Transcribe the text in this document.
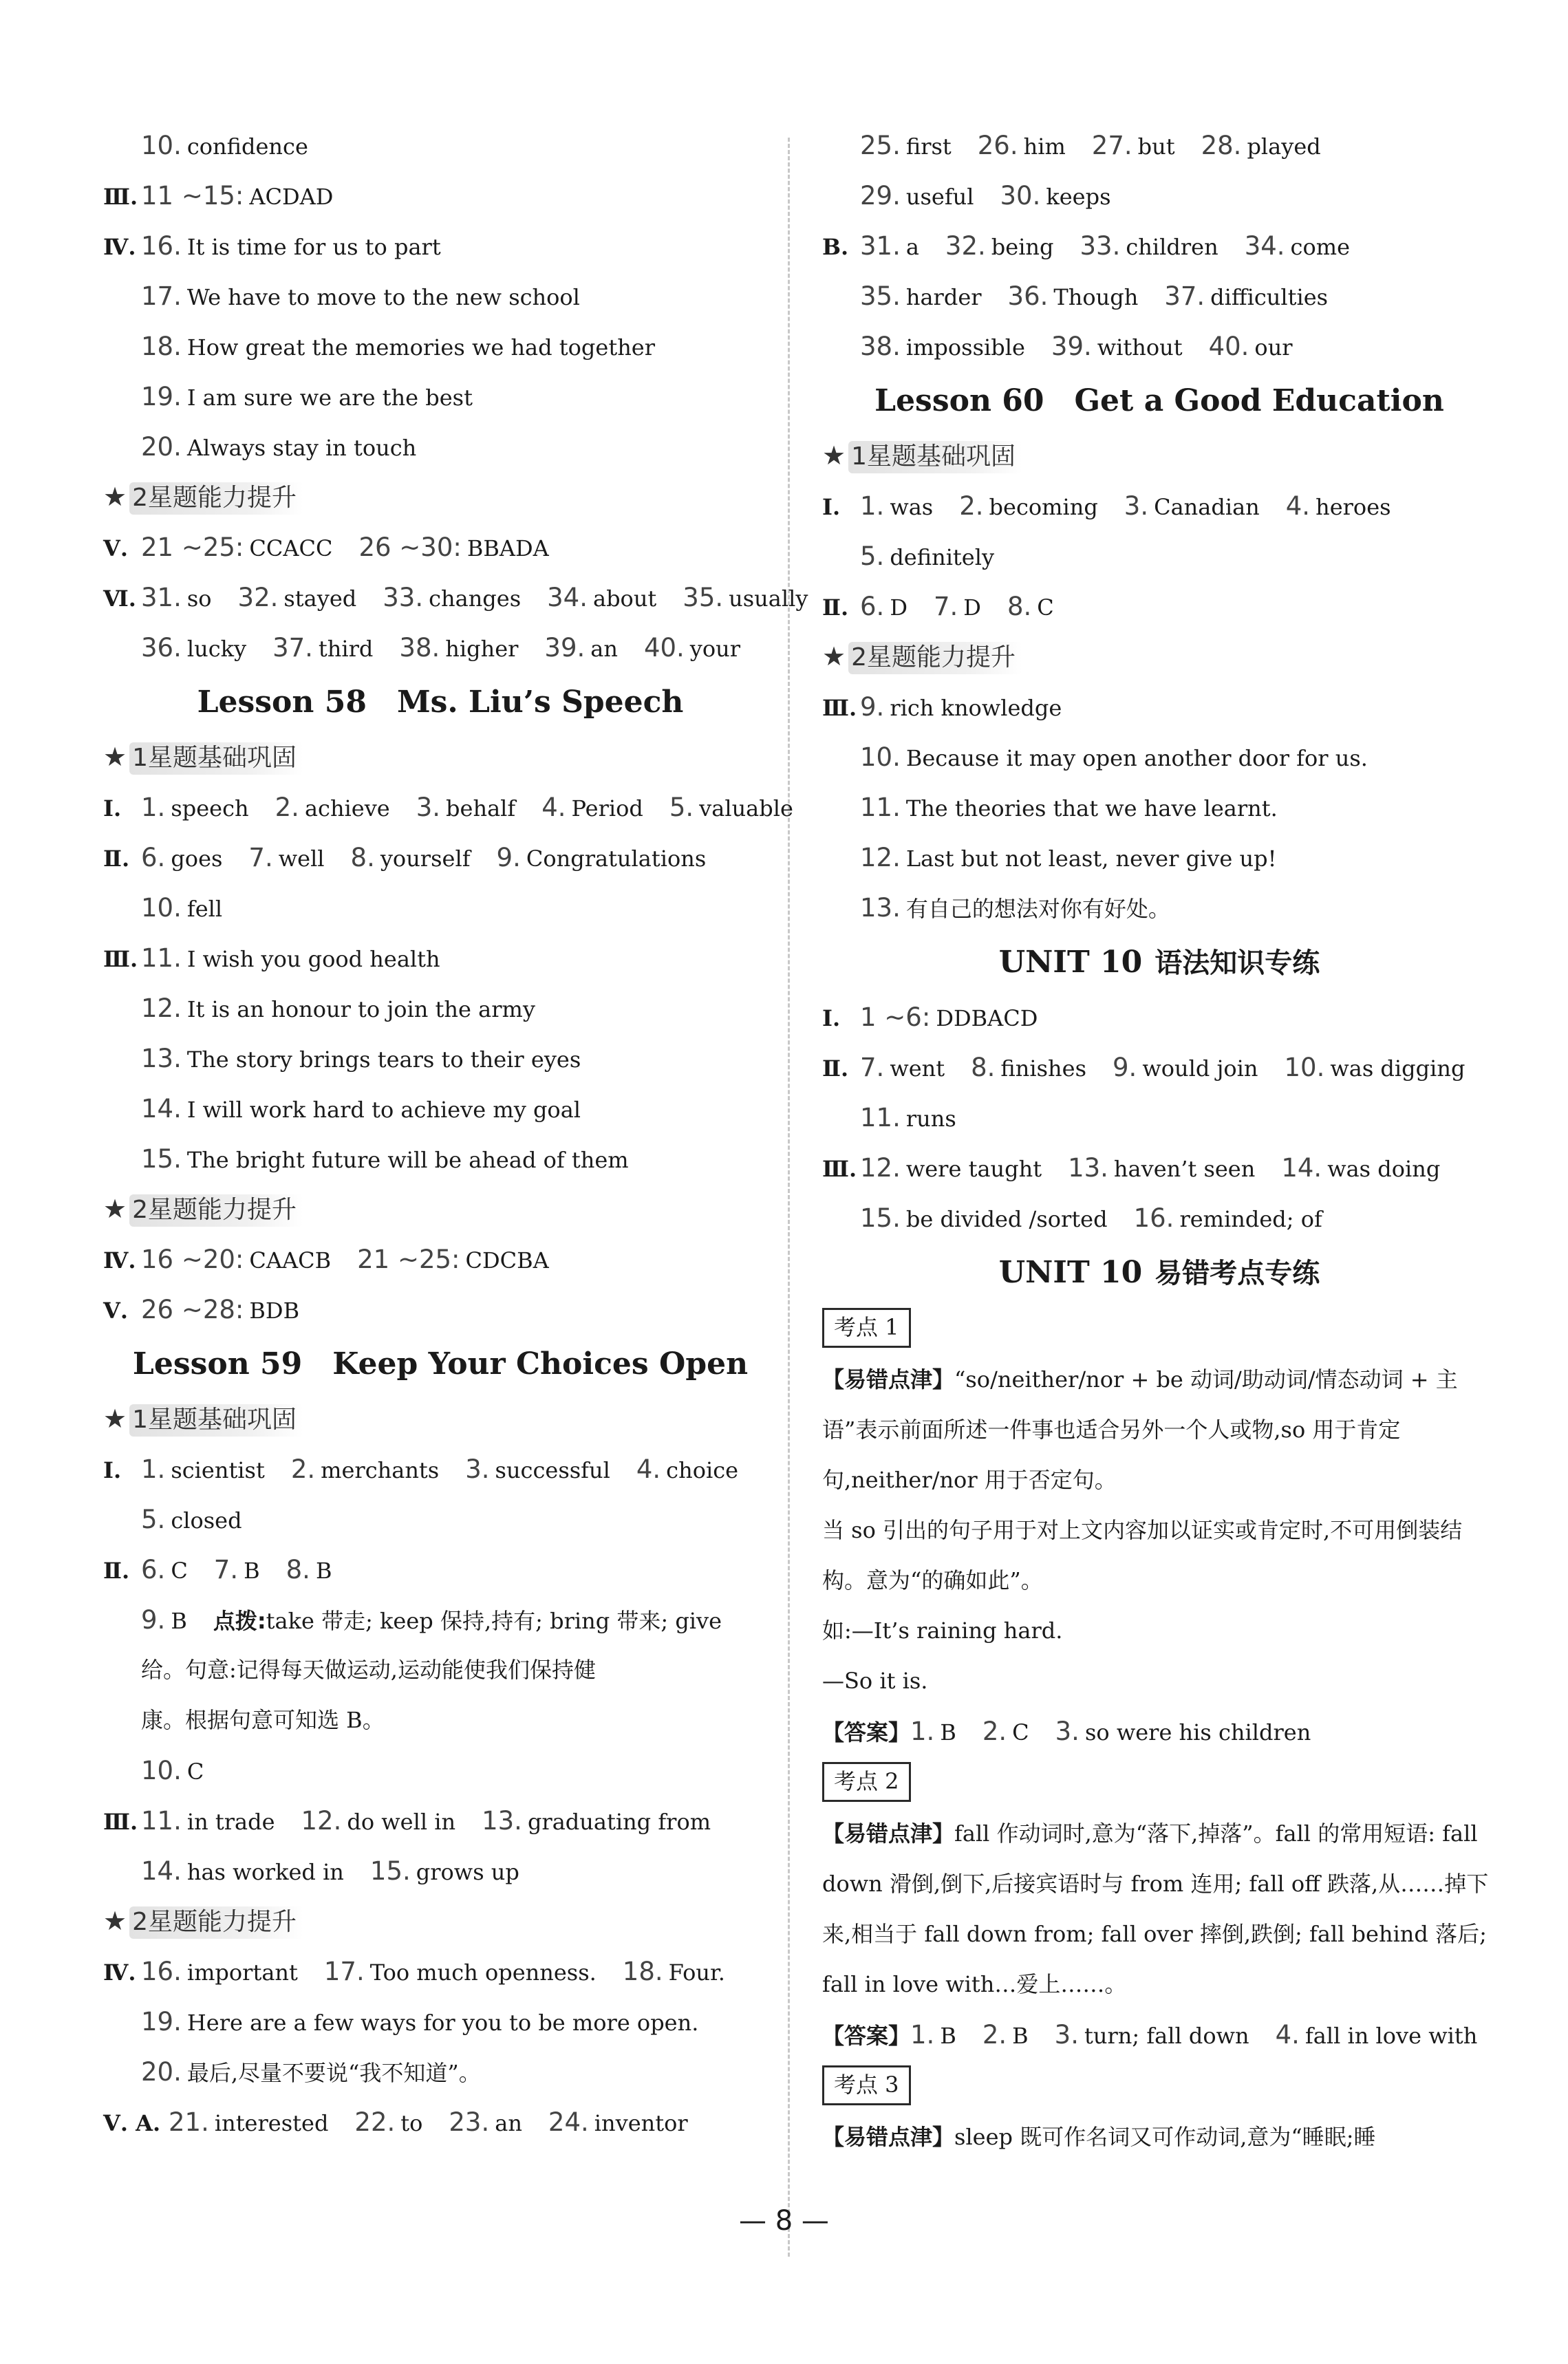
10. confidence
Ⅲ. 11 ~15: ACDAD
Ⅳ. 16. It is time for us to part
17. We have to move to the new school
18. How great the memories we had together
19. I am sure we are the best
20. Always stay in touch
★ 2星题能力提升
Ⅴ. 21 ~25: CCACC 26 ~30: BBADA
Ⅵ. 31. so 32. stayed 33. changes 34. about 35. usually
36. lucky 37. third 38. higher 39. an 40. your
Lesson 58　Ms. Liu’s Speech
★ 1星题基础巩固
Ⅰ. 1. speech 2. achieve 3. behalf 4. Period 5. valuable
Ⅱ. 6. goes 7. well 8. yourself 9. Congratulations
10. fell
Ⅲ. 11. I wish you good health
12. It is an honour to join the army
13. The story brings tears to their eyes
14. I will work hard to achieve my goal
15. The bright future will be ahead of them
★ 2星题能力提升
Ⅳ. 16 ~20: CAACB 21 ~25: CDCBA
Ⅴ. 26 ~28: BDB
Lesson 59　Keep Your Choices Open
★ 1星题基础巩固
Ⅰ. 1. scientist 2. merchants 3. successful 4. choice
5. closed
Ⅱ. 6. C 7. B 8. B
9. B 点拨:take 带走; keep 保持,持有; bring 带来; give
给。句意:记得每天做运动,运动能使我们保持健
康。根据句意可知选 B。
10. C
Ⅲ. 11. in trade 12. do well in 13. graduating from
14. has worked in 15. grows up
★ 2星题能力提升
Ⅳ. 16. important 17. Too much openness. 18. Four.
19. Here are a few ways for you to be more open.
20. 最后,尽量不要说“我不知道”。
Ⅴ. A. 21. interested 22. to 23. an 24. inventor
25. first 26. him 27. but 28. played
29. useful 30. keeps
B. 31. a 32. being 33. children 34. come
35. harder 36. Though 37. difficulties
38. impossible 39. without 40. our
Lesson 60　Get a Good Education
★ 1星题基础巩固
Ⅰ. 1. was 2. becoming 3. Canadian 4. heroes
5. definitely
Ⅱ. 6. D 7. D 8. C
★ 2星题能力提升
Ⅲ. 9. rich knowledge
10. Because it may open another door for us.
11. The theories that we have learnt.
12. Last but not least, never give up!
13. 有自己的想法对你有好处。
UNIT 10 语法知识专练
Ⅰ. 1 ~6: DDBACD
Ⅱ. 7. went 8. finishes 9. would join 10. was digging
11. runs
Ⅲ. 12. were taught 13. haven’t seen 14. was doing
15. be divided /sorted 16. reminded; of
UNIT 10 易错考点专练
考点 1
【易错点津】“so/neither/nor + be 动词/助动词/情态动词 + 主语”表示前面所述一件事也适合另外一个人或物,so 用于肯定句,neither/nor 用于否定句。
当 so 引出的句子用于对上文内容加以证实或肯定时,不可用倒装结构。意为“的确如此”。
如:—It’s raining hard.
—So it is.
【答案】1. B 2. C 3. so were his children
考点 2
【易错点津】fall 作动词时,意为“落下,掉落”。fall 的常用短语: fall down 滑倒,倒下,后接宾语时与 from 连用; fall off 跌落,从……掉下来,相当于 fall down from; fall over 摔倒,跌倒; fall behind 落后; fall in love with…爱上……。
【答案】1. B 2. B 3. turn; fall down 4. fall in love with
考点 3
【易错点津】sleep 既可作名词又可作动词,意为“睡眠;睡
— 8 —
